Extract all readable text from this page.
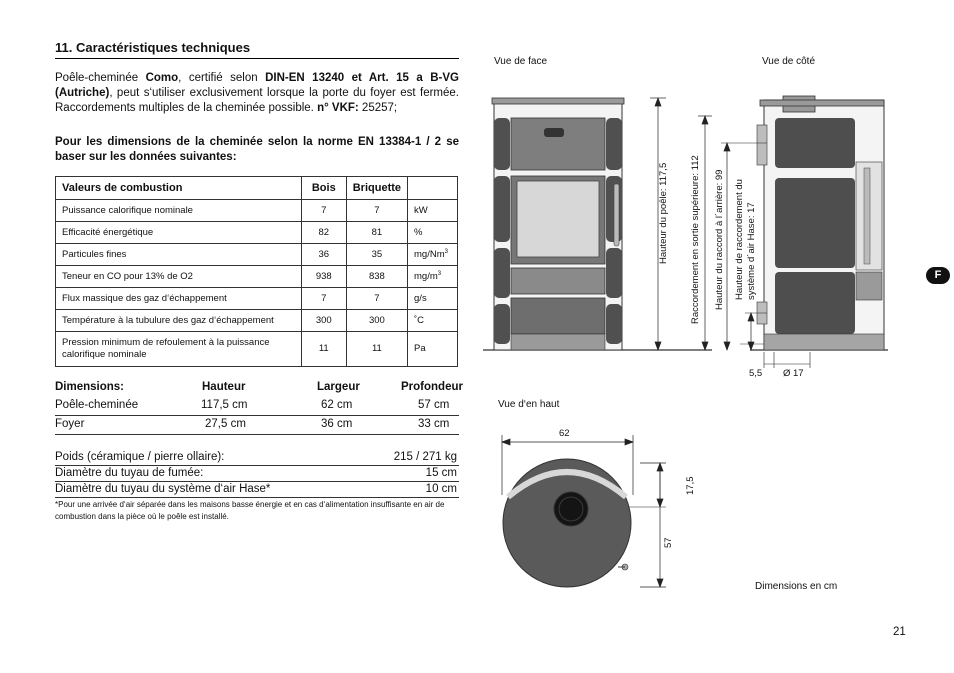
11. Caractéristiques techniques
Poêle-cheminée Como, certifié selon DIN-EN 13240 et Art. 15 a B-VG (Autriche), peut s‘utiliser exclusivement lorsque la porte du foyer est fermée. Raccordements multiples de la cheminée possible. n° VKF: 25257;
Pour les dimensions de la cheminée selon la norme EN 13384-1 / 2 se baser sur les données suivantes:
Valeurs de combustion	Bois	Briquette	
Puissance calorifique nominale	7	7	kW
Efficacité énergétique	82	81	%
Particules fines	36	35	mg/Nm$^3$
Teneur en CO pour 13% de O2	938	838	$mg/m^3$
Flux massique des gaz d‘échappement	7	7	g/s
Température à la tubulure des gaz d‘échappement	300	300	˚C
Pression minimum de refoulement à la puissance calorifique nominale	11	11	Pa
Dimensions:	Hauteur	Largeur	Profondeur
Poêle-cheminée	117,5 cm	62 cm	57 cm
Foyer	27,5 cm	36 cm	33 cm
Poids (céramique / pierre ollaire):	215 / 271 kg
Diamètre du tuyau de fumée:	15 cm
Diamètre du tuyau du système d‘air Hase*	10 cm
*Pour une arrivée d‘air séparée dans les maisons basse énergie et en cas d‘alimentation insuffisante en air de combustion dans la pièce où le poêle est installé.
Vue de face	Vue de côté
Vue d‘en haut
Dimensions en cm
Hauteur du poêle: 117,5 Raccordement en sortie supérieure: 112 Hauteur du raccord à l´arrière: 99 Hauteur de raccordement du système d´air Hase: 17
5,5 Ø 17
62
17,5
57
F
21
